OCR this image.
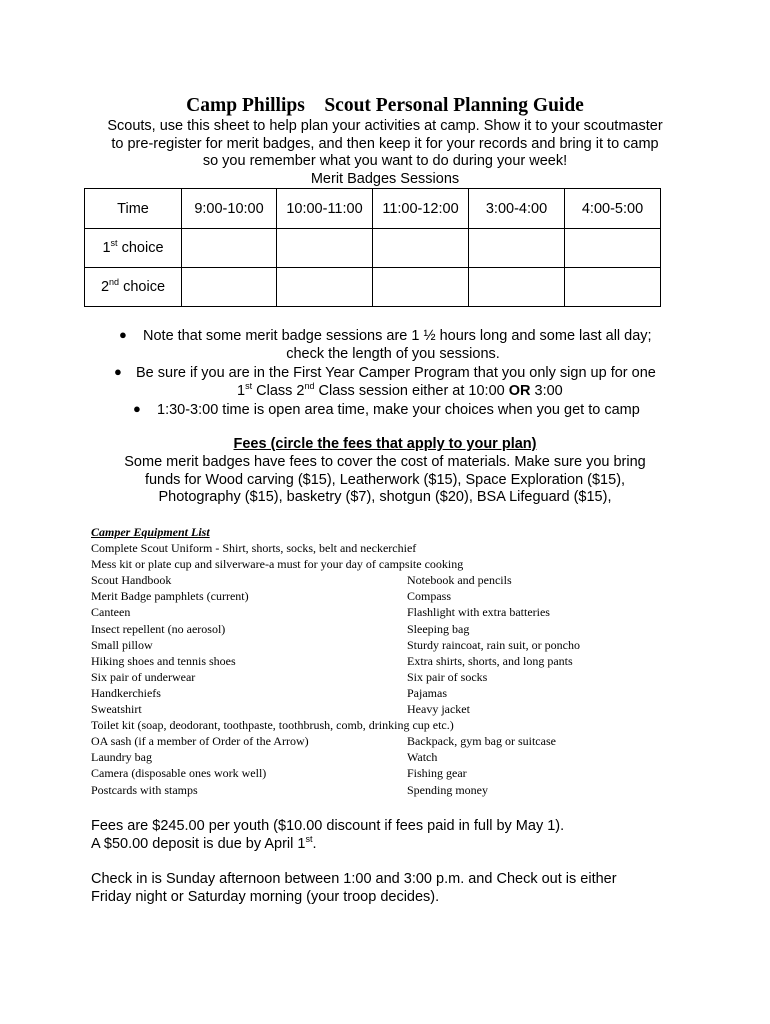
Camp Phillips Scout Personal Planning Guide
Scouts, use this sheet to help plan your activities at camp. Show it to your scoutmaster
to pre-register for merit badges, and then keep it for your records and bring it to camp
so you remember what you want to do during your week!
Merit Badges Sessions
Time	9:00-10:00	10:00-11:00	11:00-12:00	3:00-4:00	4:00-5:00
1st choice					
2nd choice					
● Note that some merit badge sessions are 1 ½ hours long and some last all day;
check the length of you sessions.
● Be sure if you are in the First Year Camper Program that you only sign up for one
1st Class 2nd Class session either at 10:00 OR 3:00
● 1:30-3:00 time is open area time, make your choices when you get to camp
Fees (circle the fees that apply to your plan)
Some merit badges have fees to cover the cost of materials. Make sure you bring
funds for Wood carving ($15), Leatherwork ($15), Space Exploration ($15),
Photography ($15), basketry ($7), shotgun ($20), BSA Lifeguard ($15),
Camper Equipment List
Complete Scout Uniform - Shirt, shorts, socks, belt and neckerchief
Mess kit or plate cup and silverware-a must for your day of campsite cooking
Scout Handbook	Notebook and pencils
Merit Badge pamphlets (current)	Compass
Canteen	Flashlight with extra batteries
Insect repellent (no aerosol)	Sleeping bag
Small pillow	Sturdy raincoat, rain suit, or poncho
Hiking shoes and tennis shoes	Extra shirts, shorts, and long pants
Six pair of underwear	Six pair of socks
Handkerchiefs	Pajamas
Sweatshirt	Heavy jacket
Toilet kit (soap, deodorant, toothpaste, toothbrush, comb, drinking cup etc.)
OA sash (if a member of Order of the Arrow)	Backpack, gym bag or suitcase
Laundry bag	Watch
Camera (disposable ones work well)	Fishing gear
Postcards with stamps	Spending money

Fees are $245.00 per youth ($10.00 discount if fees paid in full by May 1).

A $50.00 deposit is due by April 1st.

Check in is Sunday afternoon between 1:00 and 3:00 p.m. and Check out is either

Friday night or Saturday morning (your troop decides).
